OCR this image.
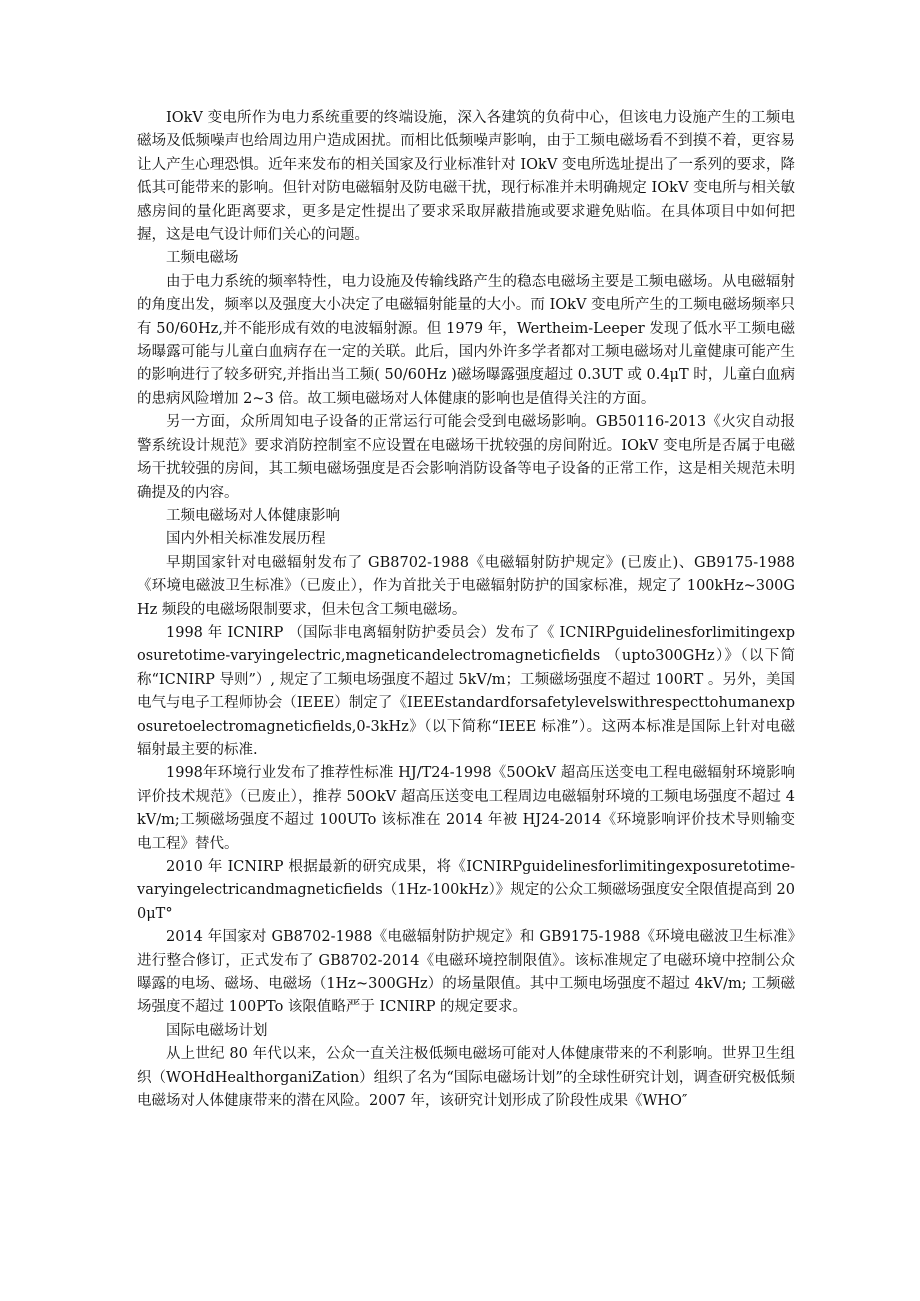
IOkV 变电所作为电力系统重要的终端设施，深入各建筑的负荷中心，但该电力设施产生的工频电磁场及低频噪声也给周边用户造成困扰。而相比低频噪声影响，由于工频电磁场看不到摸不着，更容易让人产生心理恐惧。近年来发布的相关国家及行业标准针对 IOkV 变电所选址提出了一系列的要求，降低其可能带来的影响。但针对防电磁辐射及防电磁干扰，现行标准并未明确规定 IOkV 变电所与相关敏感房间的量化距离要求，更多是定性提出了要求采取屏蔽措施或要求避免贴临。在具体项目中如何把握，这是电气设计师们关心的问题。

工频电磁场

由于电力系统的频率特性，电力设施及传输线路产生的稳态电磁场主要是工频电磁场。从电磁辐射的角度出发，频率以及强度大小决定了电磁辐射能量的大小。而 IOkV 变电所产生的工频电磁场频率只有 50/60Hz,并不能形成有效的电波辐射源。但 1979 年，Wertheim-Leeper 发现了低水平工频电磁场曝露可能与儿童白血病存在一定的关联。此后，国内外许多学者都对工频电磁场对儿童健康可能产生的影响进行了较多研究,并指出当工频( 50/60Hz )磁场曝露强度超过 0.3UT 或 0.4μT 时，儿童白血病的患病风险增加 2~3 倍。故工频电磁场对人体健康的影响也是值得关注的方面。

另一方面，众所周知电子设备的正常运行可能会受到电磁场影响。GB50116-2013《火灾自动报警系统设计规范》要求消防控制室不应设置在电磁场干扰较强的房间附近。IOkV 变电所是否属于电磁场干扰较强的房间，其工频电磁场强度是否会影响消防设备等电子设备的正常工作，这是相关规范未明确提及的内容。

工频电磁场对人体健康影响

国内外相关标准发展历程

早期国家针对电磁辐射发布了 GB8702-1988《电磁辐射防护规定》(已废止)、GB9175-1988《环境电磁波卫生标准》（已废止），作为首批关于电磁辐射防护的国家标准，规定了 100kHz~300GHz 频段的电磁场限制要求，但未包含工频电磁场。

1998 年 ICNIRP （国际非电离辐射防护委员会）发布了《 ICNIRPguidelinesforlimitingexposuretotime-varyingelectric,magneticandelectromagneticfields （upto300GHz）》（以下简称“ICNIRP 导则”）, 规定了工频电场强度不超过 5kV/m；工频磁场强度不超过 100RT 。另外，美国电气与电子工程师协会（IEEE）制定了《IEEEstandardforsafetylevelswithrespecttohumanexposuretoelectromagneticfields,0-3kHz》（以下简称“IEEE 标准”）。这两本标准是国际上针对电磁辐射最主要的标准.

1998年环境行业发布了推荐性标准 HJ/T24-1998《50OkV 超高压送变电工程电磁辐射环境影响评价技术规范》（已废止），推荐 50OkV 超高压送变电工程周边电磁辐射环境的工频电场强度不超过 4kV∕m;工频磁场强度不超过 100UTo 该标准在 2014 年被 HJ24-2014《环境影响评价技术导则输变电工程》替代。

2010 年 ICNIRP 根据最新的研究成果，将《ICNIRPguidelinesforlimitingexposuretotime-varyingelectricandmagneticfields（1Hz-100kHz）》规定的公众工频磁场强度安全限值提高到 200μT°

2014 年国家对 GB8702-1988《电磁辐射防护规定》和 GB9175-1988《环境电磁波卫生标准》进行整合修订，正式发布了 GB8702-2014《电磁环境控制限值》。该标准规定了电磁环境中控制公众曝露的电场、磁场、电磁场（1Hz~300GHz）的场量限值。其中工频电场强度不超过 4kV∕m; 工频磁场强度不超过 100PTo 该限值略严于 ICNIRP 的规定要求。

国际电磁场计划

从上世纪 80 年代以来，公众一直关注极低频电磁场可能对人体健康带来的不利影响。世界卫生组织（WOHdHealthorganiZation）组织了名为“国际电磁场计划”的全球性研究计划，调查研究极低频电磁场对人体健康带来的潜在风险。2007 年，该研究计划形成了阶段性成果《WHO″
